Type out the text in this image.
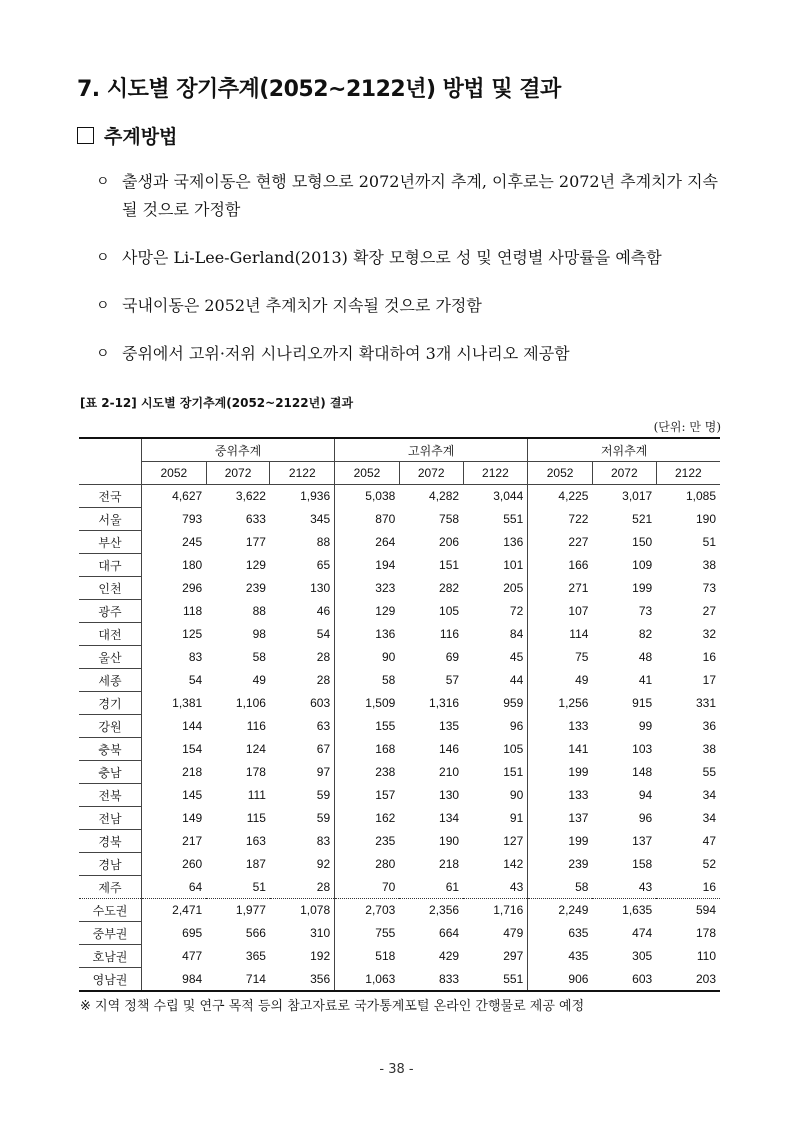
7. 시도별 장기추계(2052~2122년) 방법 및 결과
추계방법
ㅇ 출생과 국제이동은 현행 모형으로 2072년까지 추계, 이후로는 2072년 추계치가 지속될 것으로 가정함
ㅇ 사망은 Li-Lee-Gerland(2013) 확장 모형으로 성 및 연령별 사망률을 예측함
ㅇ 국내이동은 2052년 추계치가 지속될 것으로 가정함
ㅇ 중위에서 고위·저위 시나리오까지 확대하여 3개 시나리오 제공함
[표 2-12] 시도별 장기추계(2052~2122년) 결과
(단위: 만 명)
	중위추계			고위추계			저위추계		
	2052	2072	2122	2052	2072	2122	2052	2072	2122
전국	4,627	3,622	1,936	5,038	4,282	3,044	4,225	3,017	1,085
서울	793	633	345	870	758	551	722	521	190
부산	245	177	88	264	206	136	227	150	51
대구	180	129	65	194	151	101	166	109	38
인천	296	239	130	323	282	205	271	199	73
광주	118	88	46	129	105	72	107	73	27
대전	125	98	54	136	116	84	114	82	32
울산	83	58	28	90	69	45	75	48	16
세종	54	49	28	58	57	44	49	41	17
경기	1,381	1,106	603	1,509	1,316	959	1,256	915	331
강원	144	116	63	155	135	96	133	99	36
충북	154	124	67	168	146	105	141	103	38
충남	218	178	97	238	210	151	199	148	55
전북	145	111	59	157	130	90	133	94	34
전남	149	115	59	162	134	91	137	96	34
경북	217	163	83	235	190	127	199	137	47
경남	260	187	92	280	218	142	239	158	52
제주	64	51	28	70	61	43	58	43	16
수도권	2,471	1,977	1,078	2,703	2,356	1,716	2,249	1,635	594
중부권	695	566	310	755	664	479	635	474	178
호남권	477	365	192	518	429	297	435	305	110
영남권	984	714	356	1,063	833	551	906	603	203
※ 지역 정책 수립 및 연구 목적 등의 참고자료로 국가통계포털 온라인 간행물로 제공 예정
- 38 -
